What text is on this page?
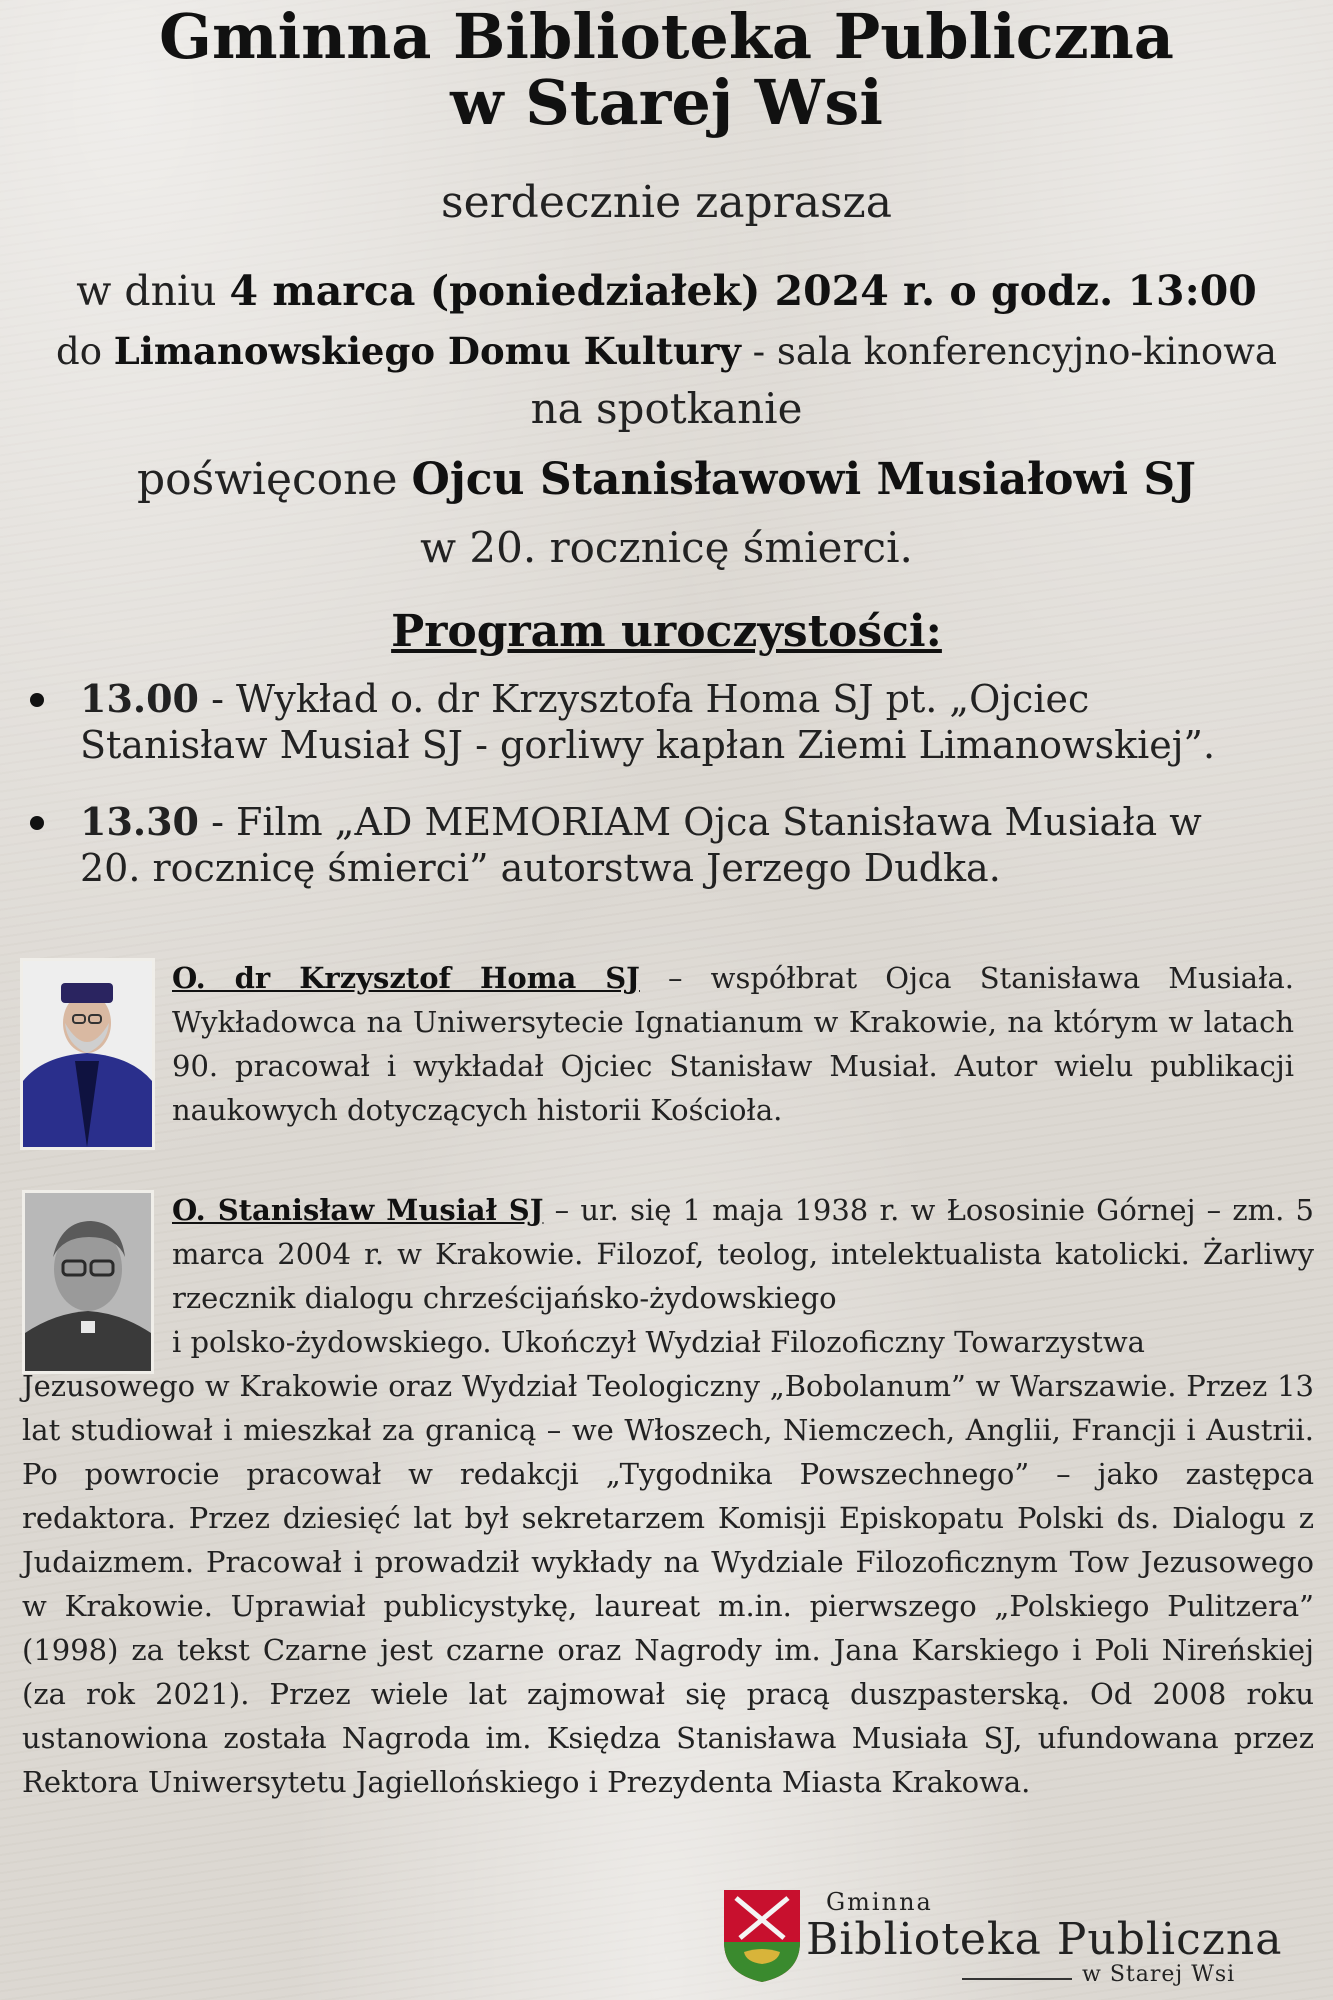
Gminna Biblioteka Publiczna
w Starej Wsi
serdecznie zaprasza
w dniu 4 marca (poniedziałek) 2024 r. o godz. 13:00
do Limanowskiego Domu Kultury - sala konferencyjno-kinowa
na spotkanie
poświęcone Ojcu Stanisławowi Musiałowi SJ
w 20. rocznicę śmierci.
Program uroczystości:
13.00 - Wykład o. dr Krzysztofa Homa SJ pt. „Ojciec
Stanisław Musiał SJ - gorliwy kapłan Ziemi Limanowskiej”.
13.30 - Film „AD MEMORIAM Ojca Stanisława Musiała w
20. rocznicę śmierci” autorstwa Jerzego Dudka.
O. dr Krzysztof Homa SJ – współbrat Ojca Stanisława Musiała. Wykładowca na Uniwersytecie Ignatianum w Krakowie, na którym w latach 90. pracował i wykładał Ojciec Stanisław Musiał. Autor wielu publikacji naukowych dotyczących historii Kościoła.
O. Stanisław Musiał SJ – ur. się 1 maja 1938 r. w Łososinie Górnej – zm. 5 marca 2004 r. w Krakowie. Filozof, teolog, intelektualista katolicki. Żarliwy rzecznik dialogu chrześcijańsko-żydowskiego
i polsko-żydowskiego. Ukończył Wydział Filozoficzny Towarzystwa
Jezusowego w Krakowie oraz Wydział Teologiczny „Bobolanum” w Warszawie. Przez 13 lat studiował i mieszkał za granicą – we Włoszech, Niemczech, Anglii, Francji i Austrii. Po powrocie pracował w redakcji „Tygodnika Powszechnego” – jako zastępca redaktora. Przez dziesięć lat był sekretarzem Komisji Episkopatu Polski ds. Dialogu z Judaizmem. Pracował i prowadził wykłady na Wydziale Filozoficznym Tow Jezusowego w Krakowie. Uprawiał publicystykę, laureat m.in. pierwszego „Polskiego Pulitzera” (1998) za tekst Czarne jest czarne oraz Nagrody im. Jana Karskiego i Poli Nireńskiej (za rok 2021). Przez wiele lat zajmował się pracą duszpasterską. Od 2008 roku ustanowiona została Nagroda im. Księdza Stanisława Musiała SJ, ufundowana przez Rektora Uniwersytetu Jagiellońskiego i Prezydenta Miasta Krakowa.
Gminna
Biblioteka Publiczna
w Starej Wsi
